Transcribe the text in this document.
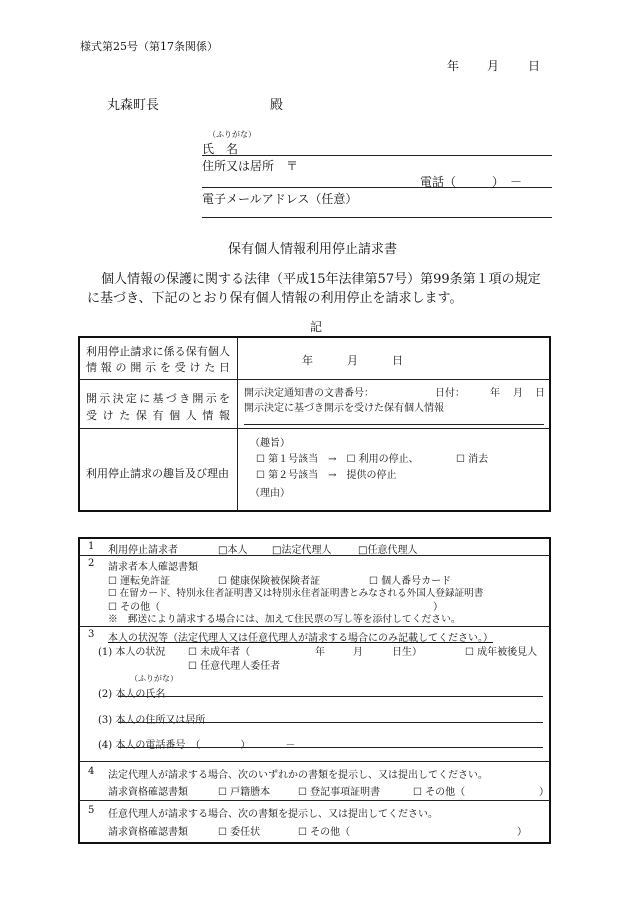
様式第25号（第17条関係）
年 月 日
丸森町長	殿
（ふりがな）
氏　名
住所又は居所　〒
電話（　　　）　－
電子メールアドレス（任意）
保有個人情報利用停止請求書
個人情報の保護に関する法律（平成15年法律第57号）第99条第１項の規定
に基づき、下記のとおり保有個人情報の利用停止を請求します。
記
利用停止請求に係る保有個人
情報の開示を受けた日
年	月	日
開示決定に基づき開示を
受けた保有個人情報
開示決定通知書の文書番号：	日付：	年 月 日
開示決定に基づき開示を受けた保有個人情報
利用停止請求の趣旨及び理由
（趣旨）
☐ 第１号該当　→　☐ 利用の停止、	☐ 消去
☐ 第２号該当　→　提供の停止
（理由）
1 利用停止請求者	□本人 □法定代理人	□任意代理人
2 請求者本人確認書類
☐ 運転免許証	☐ 健康保険被保険者証	☐ 個人番号カード
☐ 在留カード、特別永住者証明書又は特別永住者証明書とみなされる外国人登録証明書
☐ その他（	）
※　郵送により請求する場合には、加えて住民票の写し等を添付してください。
3 本人の状況等（法定代理人又は任意代理人が請求する場合にのみ記載してください。）
(1) 本人の状況 ☐ 未成年者（	年	月	日生）	☐ 成年被後見人
☐ 任意代理人委任者
（ふりがな）
(2) 本人の氏名
(3) 本人の住所又は居所
(4) 本人の電話番号　（　　　　）　　　　－
4 法定代理人が請求する場合、次のいずれかの書類を提示し、又は提出してください。
請求資格確認書類	☐ 戸籍謄本	☐ 登記事項証明書	☐ その他（	）
5 任意代理人が請求する場合、次の書類を提示し、又は提出してください。
請求資格確認書類	☐ 委任状	☐ その他（	）
